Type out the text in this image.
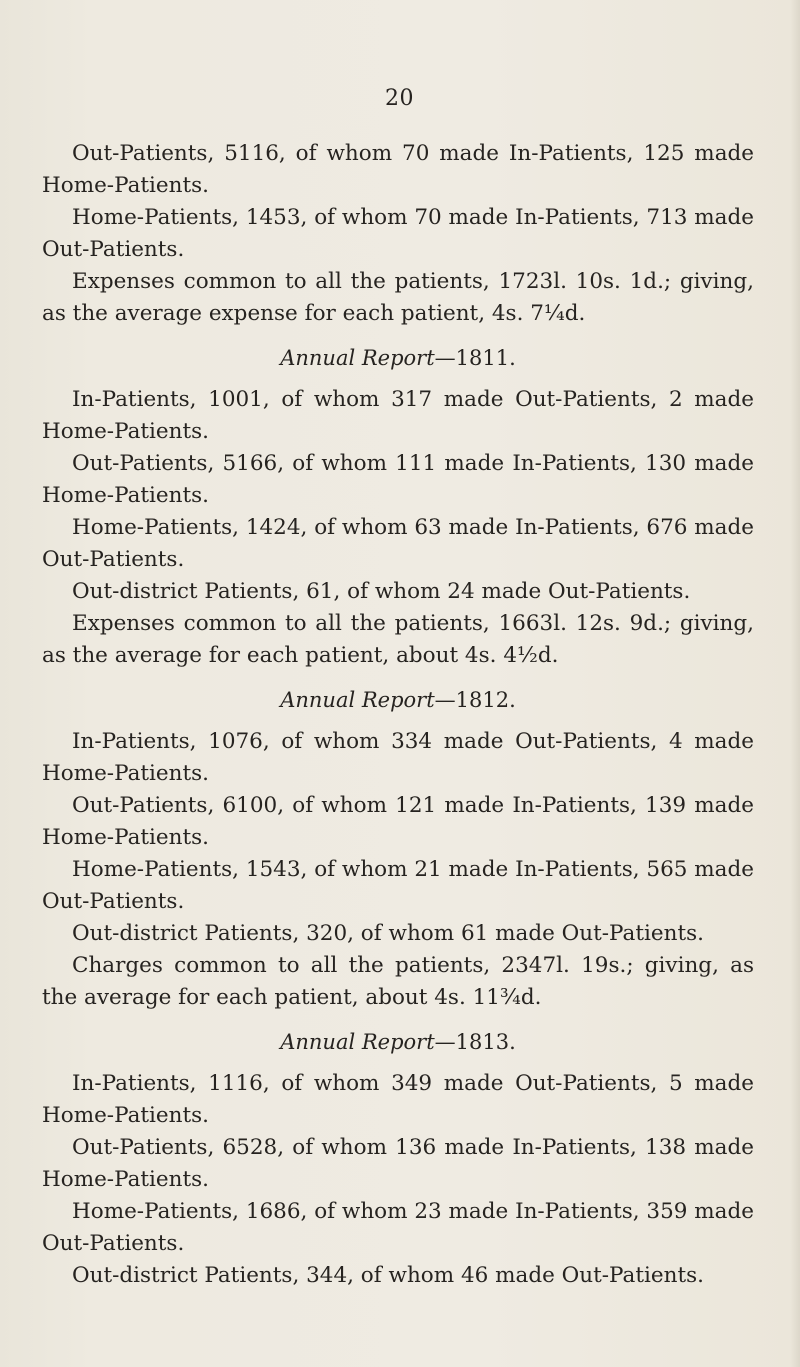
20

Out-Patients, 5116, of whom 70 made In-Patients, 125 made Home-Patients.

Home-Patients, 1453, of whom 70 made In-Patients, 713 made Out-Patients.

Expenses common to all the patients, 1723l. 10s. 1d.; giving, as the average expense for each patient, 4s. 7¼d.

Annual Report—1811.

In-Patients, 1001, of whom 317 made Out-Patients, 2 made Home-Patients.

Out-Patients, 5166, of whom 111 made In-Patients, 130 made Home-Patients.

Home-Patients, 1424, of whom 63 made In-Patients, 676 made Out-Patients.

Out-district Patients, 61, of whom 24 made Out-Patients.

Expenses common to all the patients, 1663l. 12s. 9d.; giving, as the average for each patient, about 4s. 4½d.

Annual Report—1812.

In-Patients, 1076, of whom 334 made Out-Patients, 4 made Home-Patients.

Out-Patients, 6100, of whom 121 made In-Patients, 139 made Home-Patients.

Home-Patients, 1543, of whom 21 made In-Patients, 565 made Out-Patients.

Out-district Patients, 320, of whom 61 made Out-Patients.

Charges common to all the patients, 2347l. 19s.; giving, as the average for each patient, about 4s. 11¾d.

Annual Report—1813.

In-Patients, 1116, of whom 349 made Out-Patients, 5 made Home-Patients.

Out-Patients, 6528, of whom 136 made In-Patients, 138 made Home-Patients.

Home-Patients, 1686, of whom 23 made In-Patients, 359 made Out-Patients.

Out-district Patients, 344, of whom 46 made Out-Patients.
